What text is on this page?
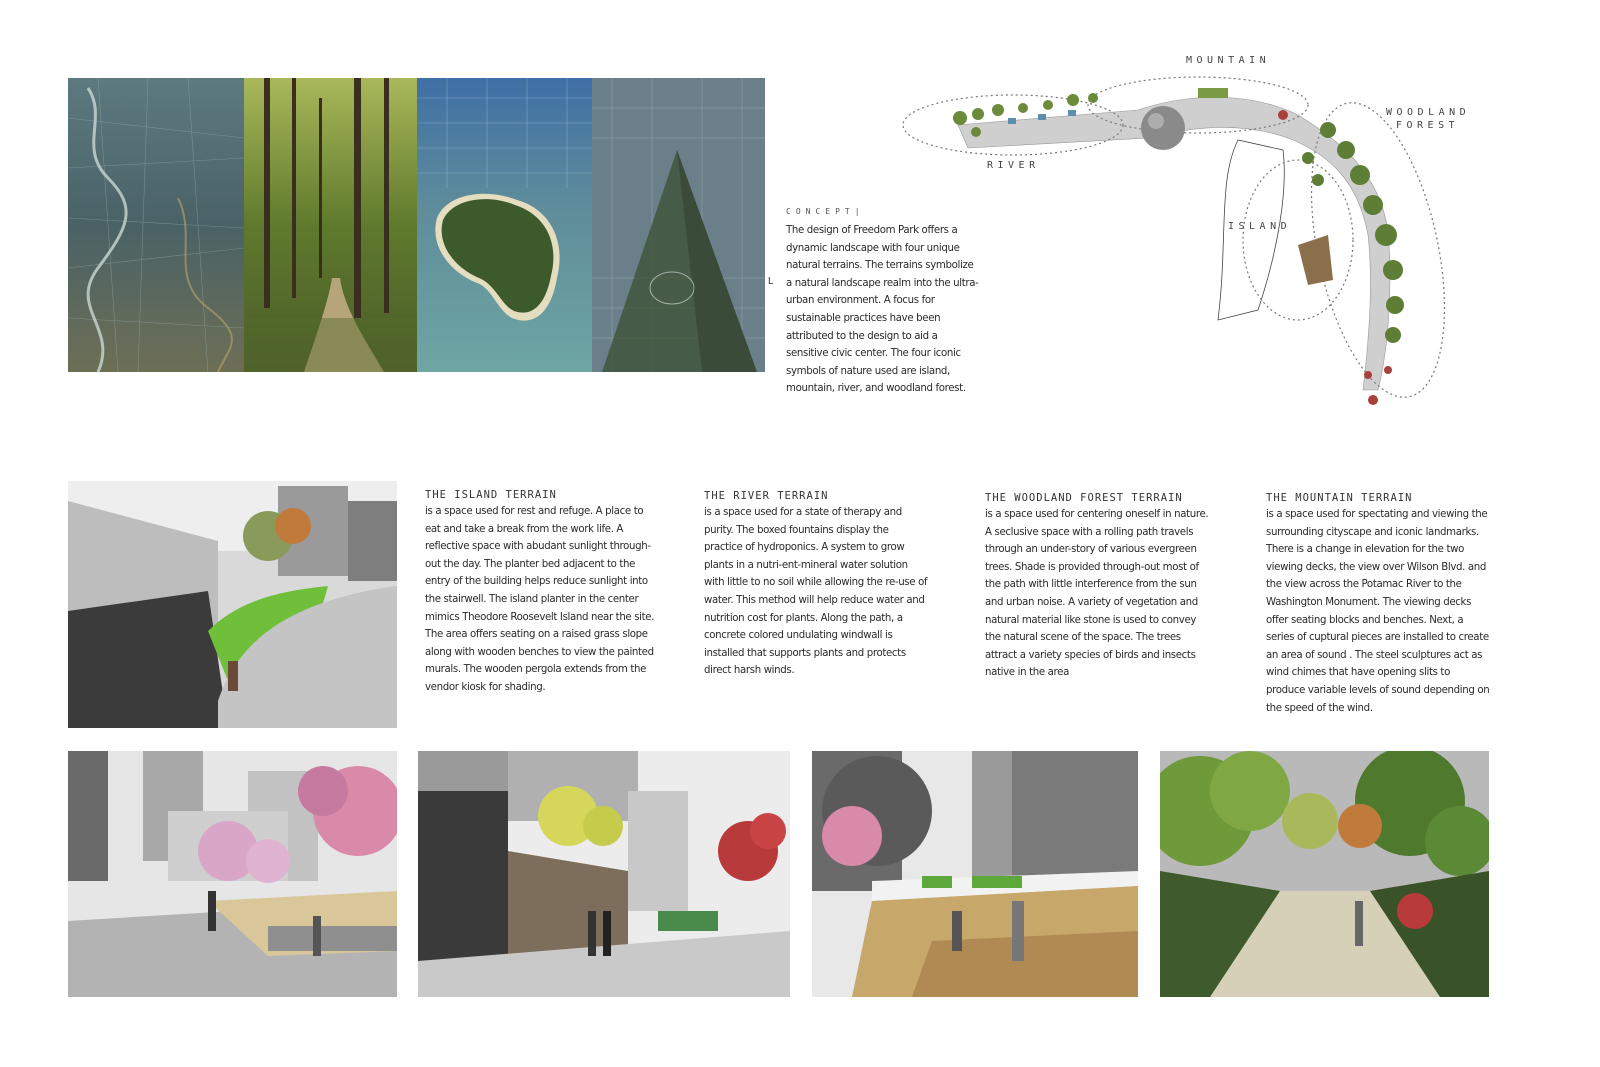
L
CONCEPT|

The design of Freedom Park offers a dynamic landscape with four unique natural terrains. The terrains symbolize a natural landscape realm into the ultra-urban environment. A focus for sustainable practices have been attributed to the design to aid a sensitive civic center. The four iconic symbols of nature used are island, mountain, river, and woodland forest.

MOUNTAIN
WOODLAND
FOREST
RIVER
ISLAND
THE ISLAND TERRAIN

is a space used for rest and refuge. A place to eat and take a break from the work life. A reflective space with abudant sunlight through-out the day. The planter bed adjacent to the entry of the building helps reduce sunlight into the stairwell. The island planter in the center mimics Theodore Roosevelt Island near the site. The area offers seating on a raised grass slope along with wooden benches to view the painted murals. The wooden pergola extends from the vendor kiosk for shading.

THE RIVER TERRAIN

is a space used for a state of therapy and purity. The boxed fountains display the practice of hydroponics. A system to grow plants in a nutri-ent-mineral water solution with little to no soil while allowing the re-use of water. This method will help reduce water and nutrition cost for plants. Along the path, a concrete colored undulating windwall is installed that supports plants and protects direct harsh winds.

THE WOODLAND FOREST TERRAIN

is a space used for centering oneself in nature. A seclusive space with a rolling path travels through an under-story of various evergreen trees. Shade is provided through-out most of the path with little interference from the sun and urban noise. A variety of vegetation and natural material like stone is used to convey the natural scene of the space. The trees attract a variety species of birds and insects native in the area

THE MOUNTAIN TERRAIN

is a space used for spectating and viewing the surrounding cityscape and iconic landmarks. There is a change in elevation for the two viewing decks, the view over Wilson Blvd. and the view across the Potamac River to the Washington Monument. The viewing decks offer seating blocks and benches. Next, a series of cuptural pieces are installed to create an area of sound . The steel sculptures act as wind chimes that have opening slits to produce variable levels of sound depending on the speed of the wind.
